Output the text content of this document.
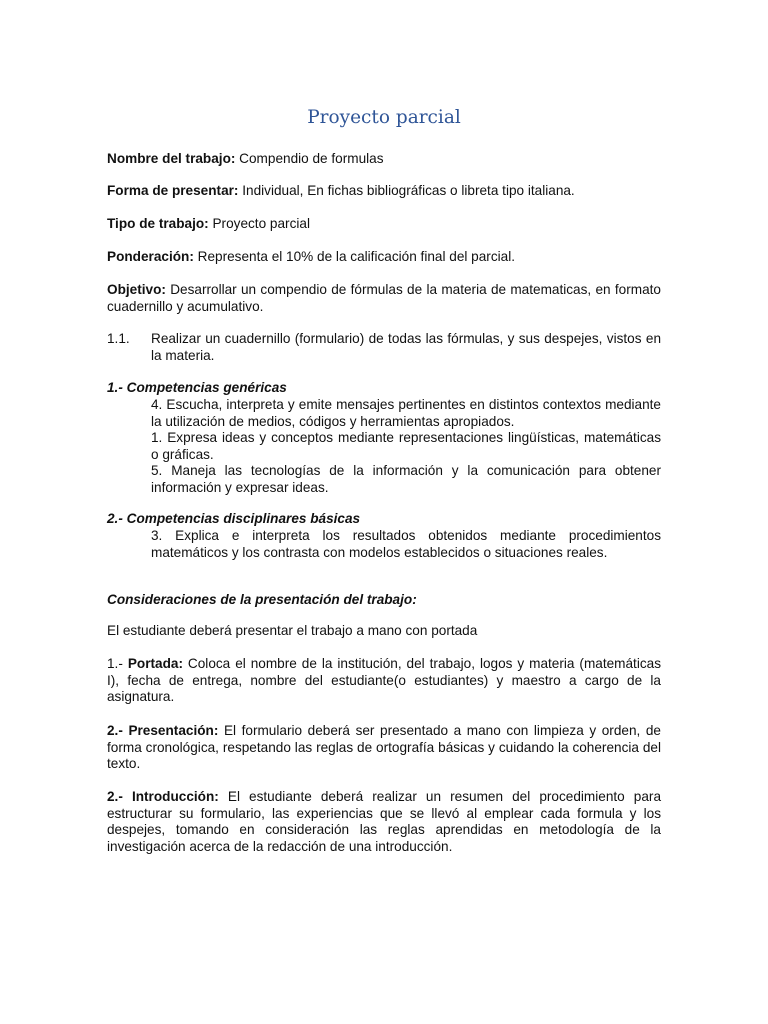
Proyecto parcial

Nombre del trabajo: Compendio de formulas

Forma de presentar: Individual, En fichas bibliográficas o libreta tipo italiana.

Tipo de trabajo: Proyecto parcial

Ponderación: Representa el 10% de la calificación final del parcial.

Objetivo: Desarrollar un compendio de fórmulas de la materia de matematicas, en formato cuadernillo y acumulativo.

1.1. Realizar un cuadernillo (formulario) de todas las fórmulas, y sus despejes, vistos en la materia.

1.- Competencias genéricas

4. Escucha, interpreta y emite mensajes pertinentes en distintos contextos mediante la utilización de medios, códigos y herramientas apropiados.

1. Expresa ideas y conceptos mediante representaciones lingüísticas, matemáticas o gráficas.

5. Maneja las tecnologías de la información y la comunicación para obtener información y expresar ideas.

2.- Competencias disciplinares básicas

3. Explica e interpreta los resultados obtenidos mediante procedimientos matemáticos y los contrasta con modelos establecidos o situaciones reales.

Consideraciones de la presentación del trabajo:

El estudiante deberá presentar el trabajo a mano con portada

1.- Portada: Coloca el nombre de la institución, del trabajo, logos y materia (matemáticas I), fecha de entrega, nombre del estudiante(o estudiantes) y maestro a cargo de la asignatura.

2.- Presentación: El formulario deberá ser presentado a mano con limpieza y orden, de forma cronológica, respetando las reglas de ortografía básicas y cuidando la coherencia del texto.

2.- Introducción: El estudiante deberá realizar un resumen del procedimiento para estructurar su formulario, las experiencias que se llevó al emplear cada formula y los despejes, tomando en consideración las reglas aprendidas en metodología de la investigación acerca de la redacción de una introducción.
